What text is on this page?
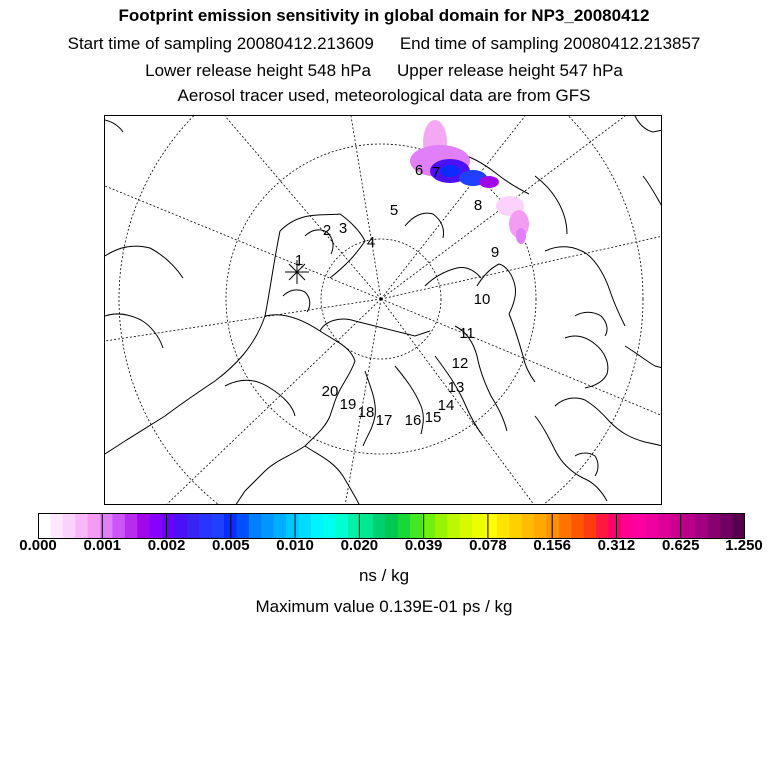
Footprint emission sensitivity in global domain for NP3_20080412
Start time of sampling 20080412.213609 End time of sampling 20080412.213857
Lower release height 548 hPa Upper release height 547 hPa
Aerosol tracer used, meteorological data are from GFS
1
2 3
4
5
6 7
8
9
10
11
12
13
14
15
16
17
18
19
20
0.000 0.001 0.002 0.005 0.010 0.020 0.039 0.078 0.156 0.312 0.625 1.250
ns / kg
Maximum value 0.139E-01 ps / kg
